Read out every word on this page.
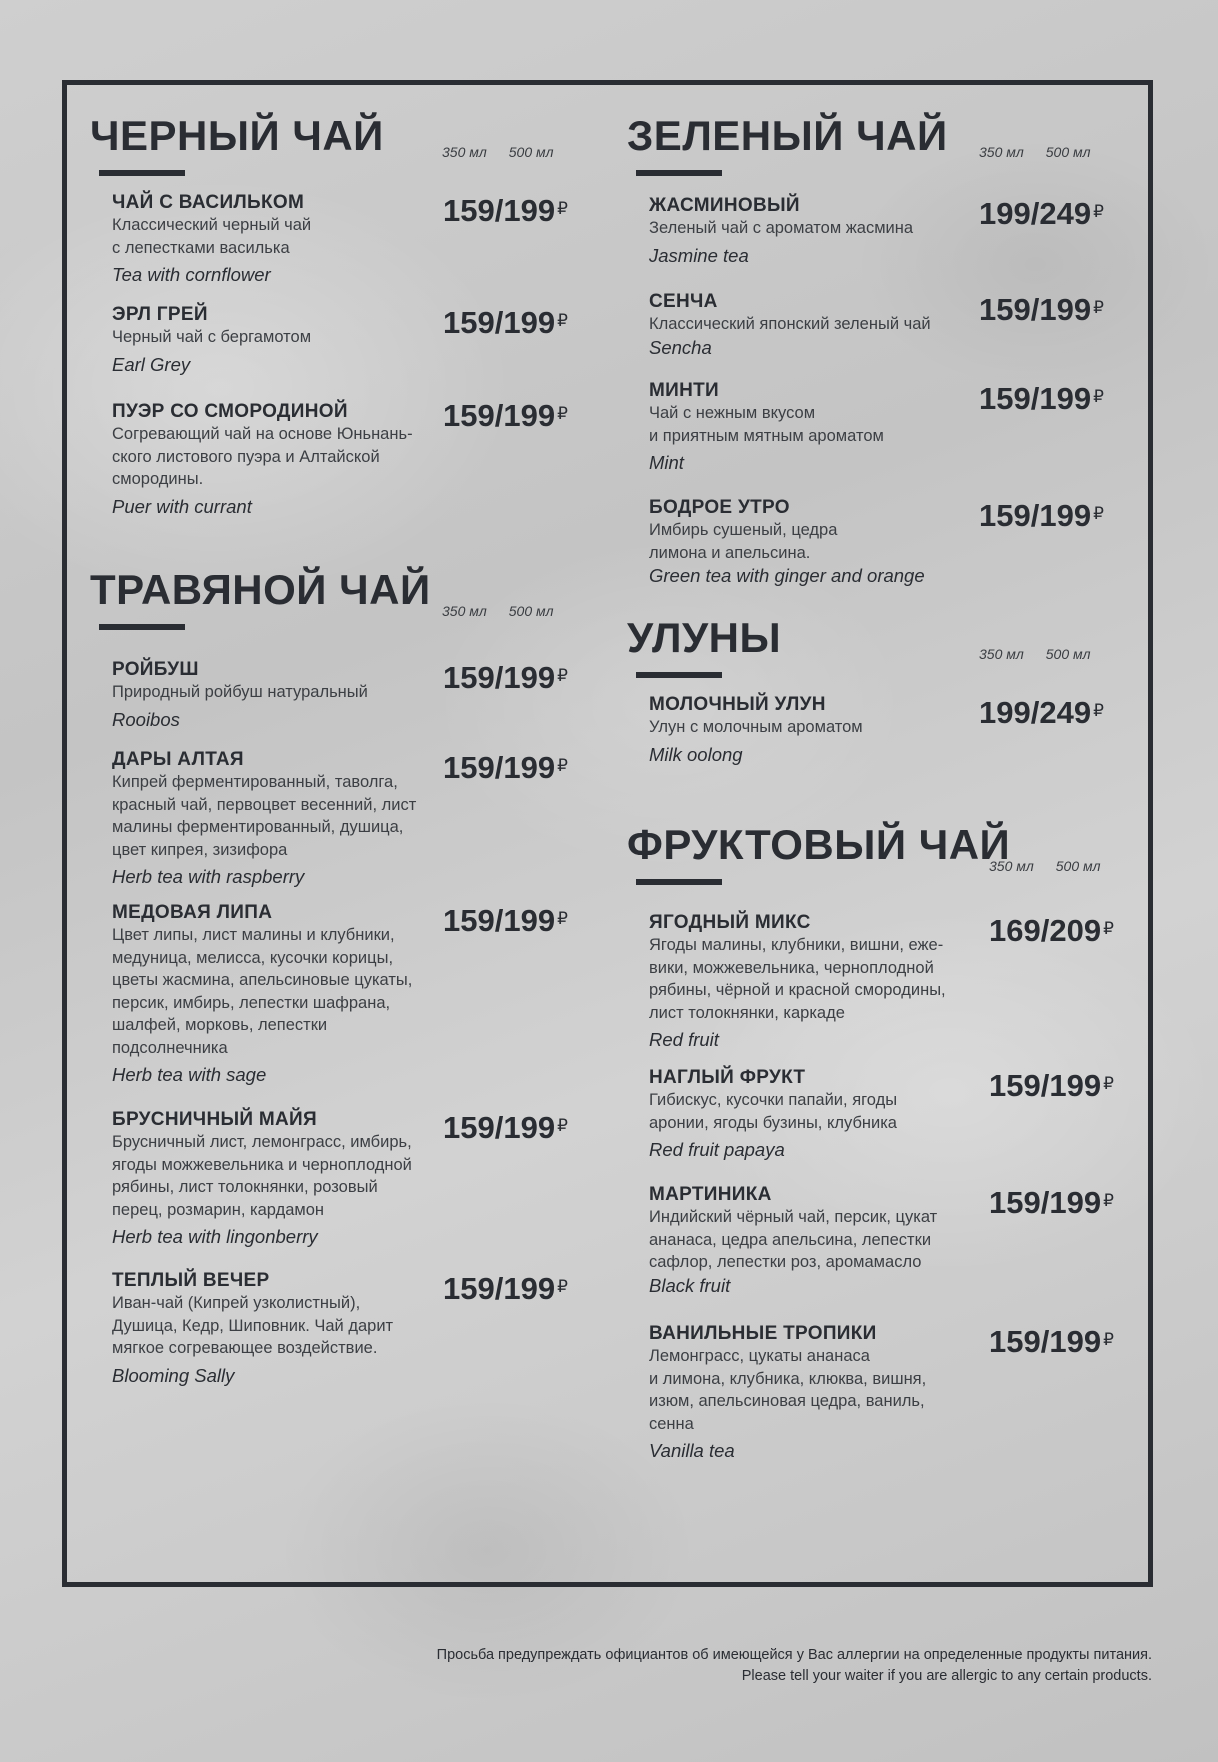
ЧЕРНЫЙ ЧАЙ	350 мл 500 мл
ЧАЙ С ВАСИЛЬКОМ
Классический черный чай
с лепестками василька
Tea with cornflower
159/199 ₽
ЭРЛ ГРЕЙ
Черный чай с бергамотом
Earl Grey
159/199 ₽
ПУЭР СО СМОРОДИНОЙ
Согревающий чай на основе Юньнань-
ского листового пуэра и Алтайской
смородины.
Puer with currant
159/199 ₽
ТРАВЯНОЙ ЧАЙ 350 мл 500 мл
РОЙБУШ
Природный ройбуш натуральный
Rooibos
159/199 ₽
ДАРЫ АЛТАЯ
Кипрей ферментированный, таволга,
красный чай, первоцвет весенний, лист
малины ферментированный, душица,
цвет кипрея, зизифора
Herb tea with raspberry
159/199 ₽
МЕДОВАЯ ЛИПА
Цвет липы, лист малины и клубники,
медуница, мелисса, кусочки корицы,
цветы жасмина, апельсиновые цукаты,
персик, имбирь, лепестки шафрана,
шалфей, морковь, лепестки
подсолнечника
Herb tea with sage
159/199 ₽
БРУСНИЧНЫЙ МАЙЯ
Брусничный лист, лемонграсс, имбирь,
ягоды можжевельника и черноплодной
рябины, лист толокнянки, розовый
перец, розмарин, кардамон
Herb tea with lingonberry
159/199 ₽
ТЕПЛЫЙ ВЕЧЕР
Иван-чай (Кипрей узколистный),
Душица, Кедр, Шиповник. Чай дарит
мягкое согревающее воздействие.
Blooming Sally
159/199 ₽
ЗЕЛЕНЫЙ ЧАЙ 350 мл 500 мл
ЖАСМИНОВЫЙ
Зеленый чай с ароматом жасмина
Jasmine tea
199/249 ₽
СЕНЧА
Классический японский зеленый чай
Sencha
159/199 ₽
МИНТИ
Чай с нежным вкусом
и приятным мятным ароматом
Mint
159/199 ₽
БОДРОЕ УТРО
Имбирь сушеный, цедра
лимона и апельсина.
Green tea with ginger and orange
159/199 ₽
УЛУНЫ	350 мл 500 мл
МОЛОЧНЫЙ УЛУН
Улун с молочным ароматом
Milk oolong
199/249 ₽
ФРУКТОВЫЙ ЧАЙ
350 мл 500 мл
ЯГОДНЫЙ МИКС
Ягоды малины, клубники, вишни, еже-
вики, можжевельника, черноплодной
рябины, чёрной и красной смородины,
лист толокнянки, каркаде
Red fruit
169/209 ₽
НАГЛЫЙ ФРУКТ
Гибискус, кусочки папайи, ягоды
аронии, ягоды бузины, клубника
Red fruit papaya
159/199 ₽
МАРТИНИКА
Индийский чёрный чай, персик, цукат
ананаса, цедра апельсина, лепестки
сафлор, лепестки роз, аромамасло
Black fruit
159/199 ₽
ВАНИЛЬНЫЕ ТРОПИКИ
Лемонграсс, цукаты ананаса
и лимона, клубника, клюква, вишня,
изюм, апельсиновая цедра, ваниль,
сенна
Vanilla tea
159/199 ₽
Просьба предупреждать официантов об имеющейся у Вас аллергии на определенные продукты питания.
Please tell your waiter if you are allergic to any certain products.
